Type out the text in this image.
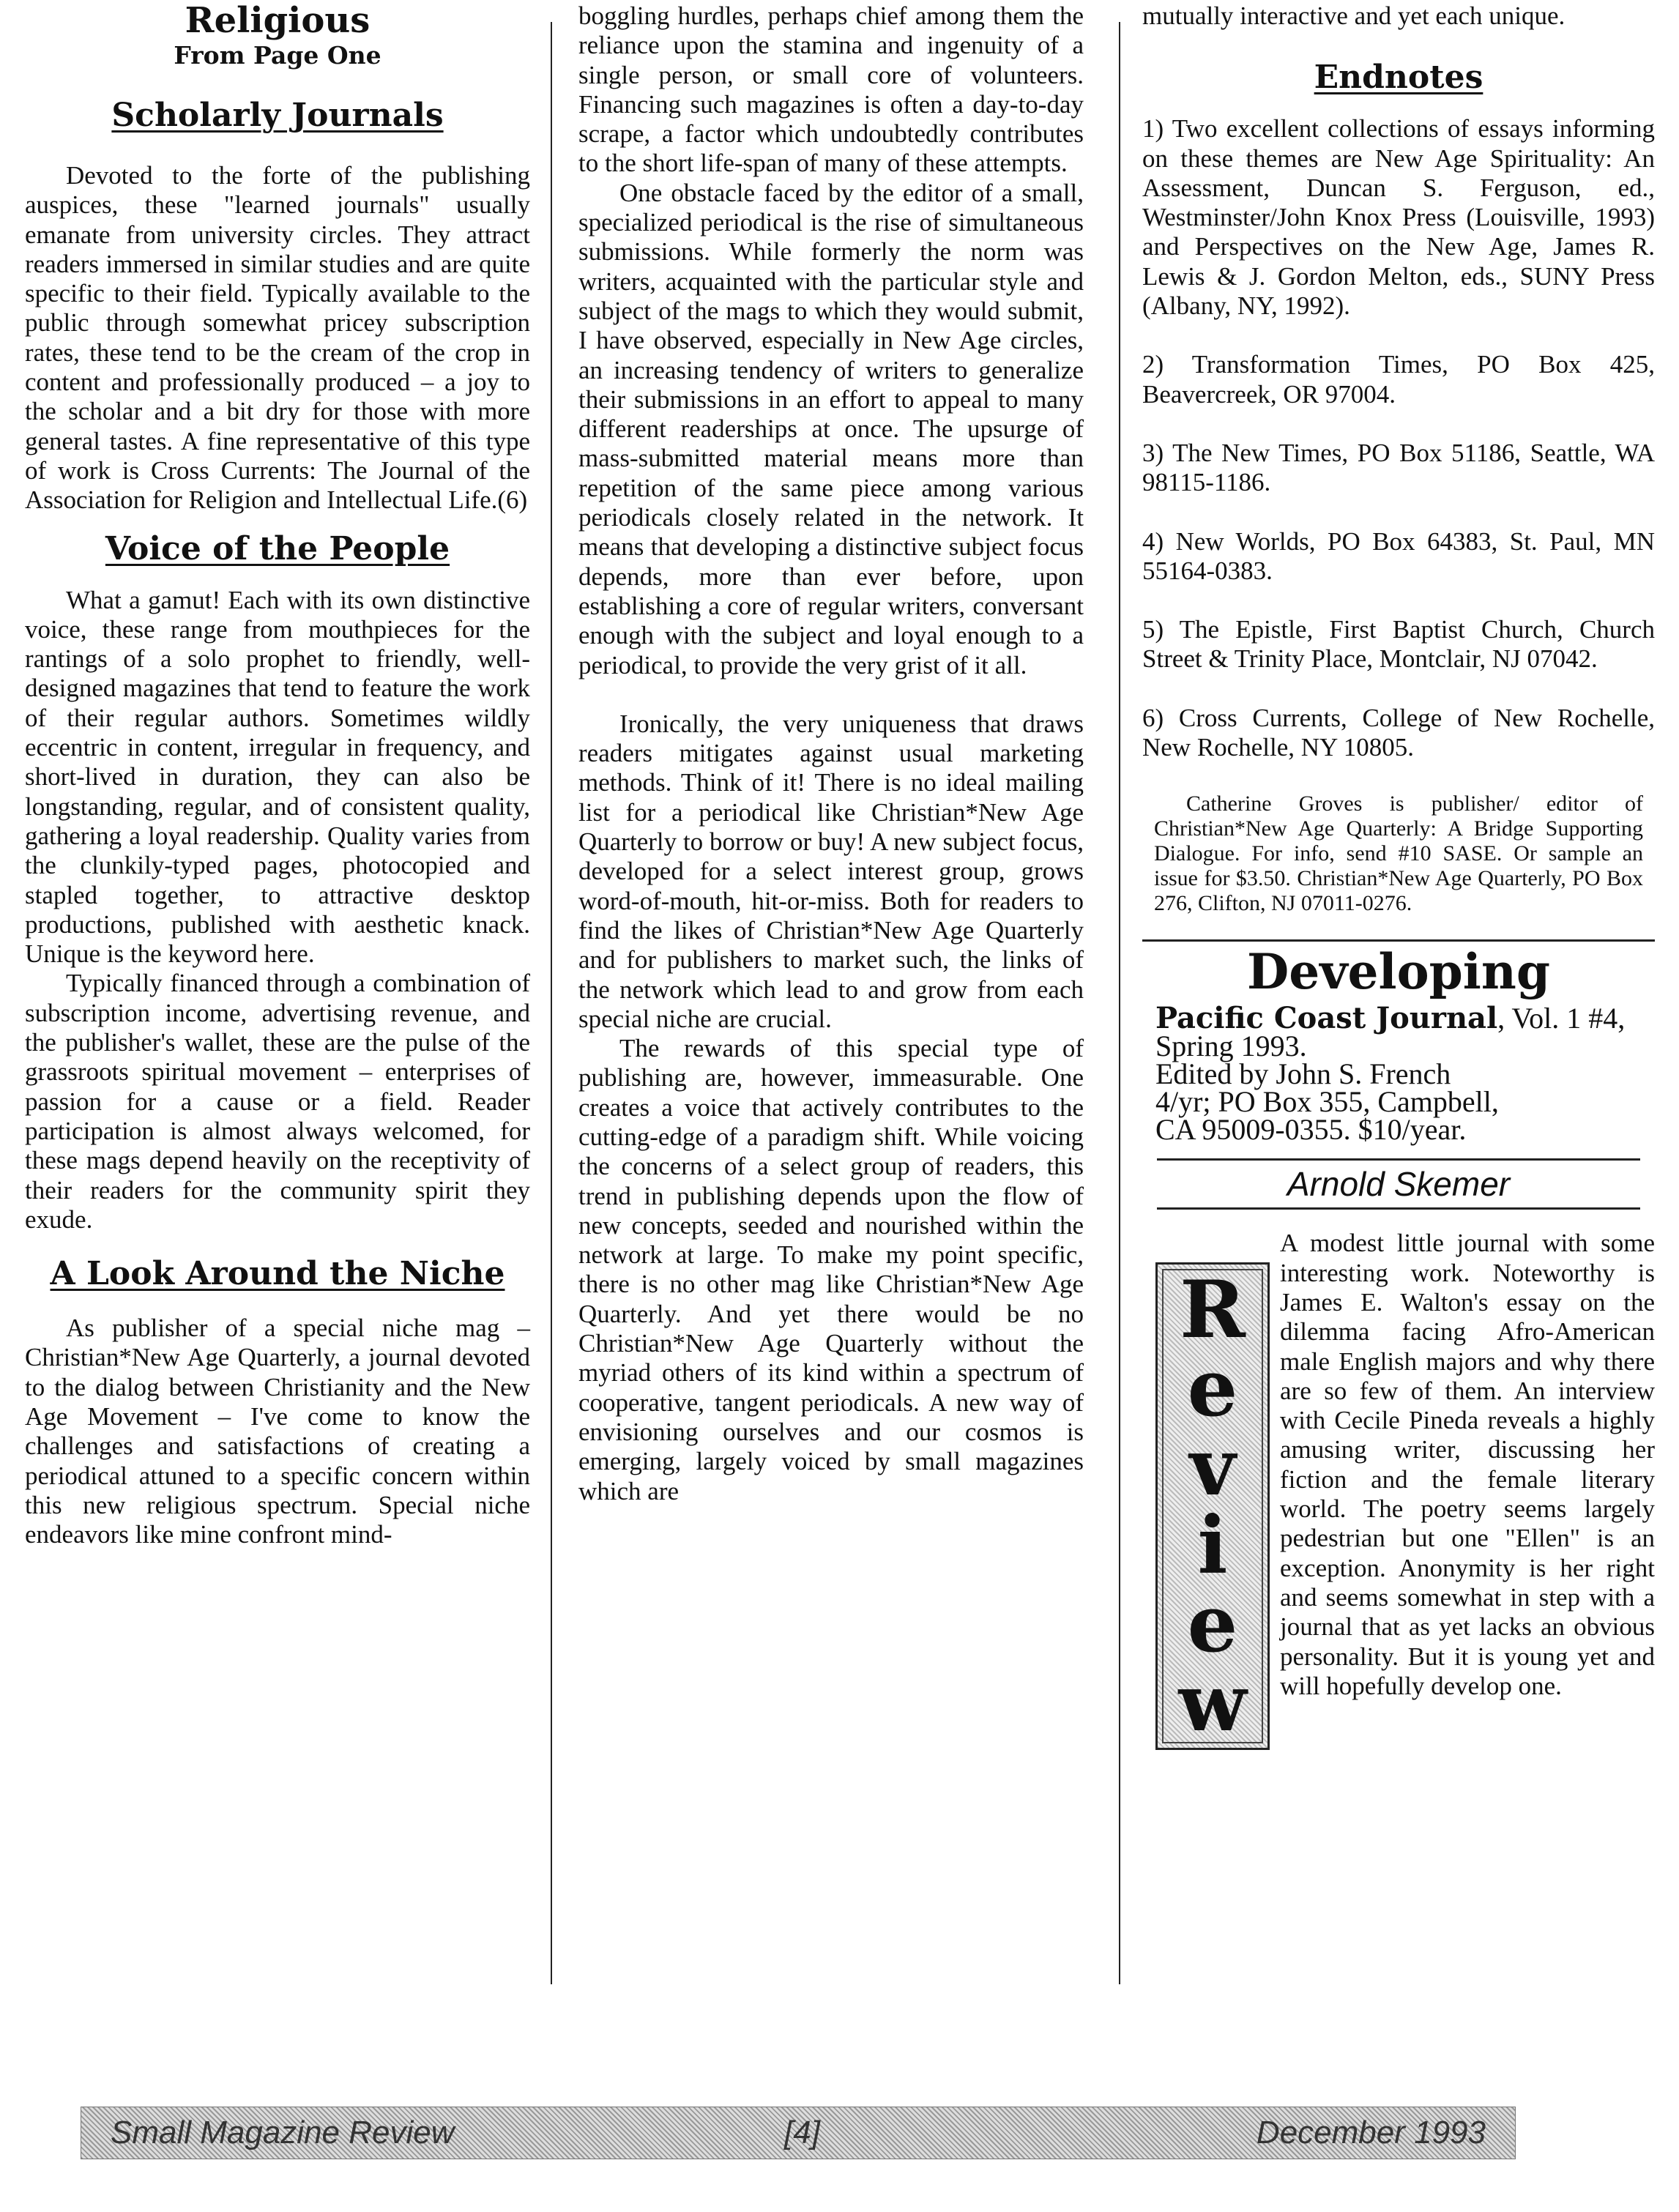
Religious
From Page One
Scholarly Journals

Devoted to the forte of the publishing auspices, these "learned journals" usually emanate from university circles. They attract readers immersed in similar studies and are quite specific to their field. Typically available to the public through somewhat pricey subscription rates, these tend to be the cream of the crop in content and professionally produced – a joy to the scholar and a bit dry for those with more general tastes. A fine representative of this type of work is Cross Currents: The Journal of the Association for Religion and Intellectual Life.(6)

Voice of the People

What a gamut! Each with its own distinctive voice, these range from mouthpieces for the rantings of a solo prophet to friendly, well-designed magazines that tend to feature the work of their regular authors. Sometimes wildly eccentric in content, irregular in frequency, and short-lived in duration, they can also be longstanding, regular, and of consistent quality, gathering a loyal readership. Quality varies from the clunkily-typed pages, photocopied and stapled together, to attractive desktop productions, published with aesthetic knack. Unique is the keyword here.

Typically financed through a combination of subscription income, advertising revenue, and the publisher's wallet, these are the pulse of the grassroots spiritual movement – enterprises of passion for a cause or a field. Reader participation is almost always welcomed, for these mags depend heavily on the receptivity of their readers for the community spirit they exude.

A Look Around the Niche

As publisher of a special niche mag – Christian*New Age Quarterly, a journal devoted to the dialog between Christianity and the New Age Movement – I've come to know the challenges and satisfactions of creating a periodical attuned to a specific concern within this new religious spectrum. Special niche endeavors like mine confront mind-

boggling hurdles, perhaps chief among them the reliance upon the stamina and ingenuity of a single person, or small core of volunteers. Financing such magazines is often a day-to-day scrape, a factor which undoubtedly contributes to the short life-span of many of these attempts.

One obstacle faced by the editor of a small, specialized periodical is the rise of simultaneous submissions. While formerly the norm was writers, acquainted with the particular style and subject of the mags to which they would submit, I have observed, especially in New Age circles, an increasing tendency of writers to generalize their submissions in an effort to appeal to many different readerships at once. The upsurge of mass-submitted material means more than repetition of the same piece among various periodicals closely related in the network. It means that developing a distinctive subject focus depends, more than ever before, upon establishing a core of regular writers, conversant enough with the subject and loyal enough to a periodical, to provide the very grist of it all.

Ironically, the very uniqueness that draws readers mitigates against usual marketing methods. Think of it! There is no ideal mailing list for a periodical like Christian*New Age Quarterly to borrow or buy! A new subject focus, developed for a select interest group, grows word-of-mouth, hit-or-miss. Both for readers to find the likes of Christian*New Age Quarterly and for publishers to market such, the links of the network which lead to and grow from each special niche are crucial.

The rewards of this special type of publishing are, however, immeasurable. One creates a voice that actively contributes to the cutting-edge of a paradigm shift. While voicing the concerns of a select group of readers, this trend in publishing depends upon the flow of new concepts, seeded and nourished within the network at large. To make my point specific, there is no other mag like Christian*New Age Quarterly. And yet there would be no Christian*New Age Quarterly without the myriad others of its kind within a spectrum of cooperative, tangent periodicals. A new way of envisioning ourselves and our cosmos is emerging, largely voiced by small magazines which are

mutually interactive and yet each unique.

Endnotes
1) Two excellent collections of essays informing on these themes are New Age Spirituality: An Assessment, Duncan S. Ferguson, ed., Westminster/John Knox Press (Louisville, 1993) and Perspectives on the New Age, James R. Lewis & J. Gordon Melton, eds., SUNY Press (Albany, NY, 1992).
2) Transformation Times, PO Box 425, Beavercreek, OR 97004.
3) The New Times, PO Box 51186, Seattle, WA 98115-1186.
4) New Worlds, PO Box 64383, St. Paul, MN 55164-0383.
5) The Epistle, First Baptist Church, Church Street & Trinity Place, Montclair, NJ 07042.
6) Cross Currents, College of New Rochelle, New Rochelle, NY 10805.

Catherine Groves is publisher/ editor of Christian*New Age Quarterly: A Bridge Supporting Dialogue. For info, send #10 SASE. Or sample an issue for $3.50. Christian*New Age Quarterly, PO Box 276, Clifton, NJ 07011-0276.

Developing
Pacific Coast Journal, Vol. 1 #4, Spring 1993.
Edited by John S. French
4/yr; PO Box 355, Campbell,
CA 95009-0355. $10/year.
Arnold Skemer
R
e
v
i
e
w
A modest little journal with some interesting work. Noteworthy is James E. Walton's essay on the dilemma facing Afro-American male English majors and why there are so few of them. An interview with Cecile Pineda reveals a highly amusing writer, discussing her fiction and the female literary world. The poetry seems largely pedestrian but one "Ellen" is an exception. Anonymity is her right and seems somewhat in step with a journal that as yet lacks an obvious personality. But it is young yet and will hopefully develop one.
Small Magazine Review	[4]	December 1993
